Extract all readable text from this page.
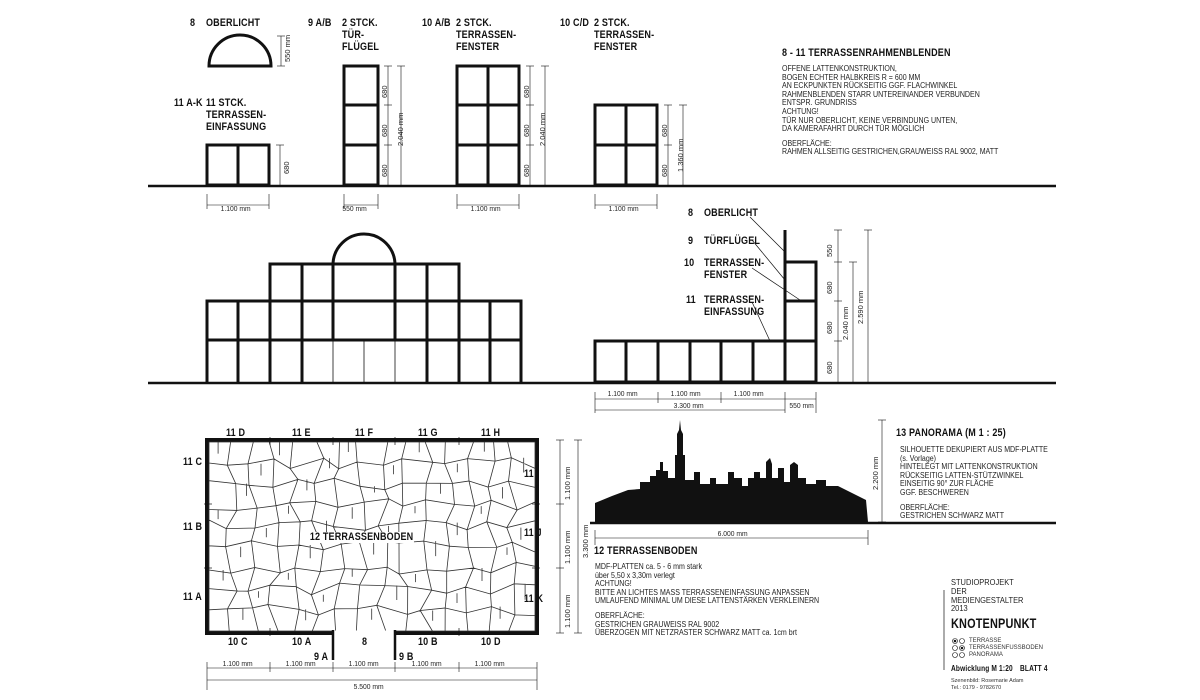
8 OBERLICHT	9 A/B 2 STCK.
TÜR-
FLÜGEL
10 A/B 2 STCK.
TERRASSEN-
FENSTER
10 C/D 2 STCK.
TERRASSEN-
FENSTER
11 A-K 11 STCK.
TERRASSEN-
EINFASSUNG
8 - 11 TERRASSENRAHMENBLENDEN
OFFENE LATTENKONSTRUKTION,
BOGEN ECHTER HALBKREIS R = 600 MM
AN ECKPUNKTEN RÜCKSEITIG GGF. FLACHWINKEL
RAHMENBLENDEN STARR UNTEREINANDER VERBUNDEN
ENTSPR. GRUNDRISS
ACHTUNG!
TÜR NUR OBERLICHT, KEINE VERBINDUNG UNTEN,
DA KAMERAFAHRT DURCH TÜR MÖGLICH
OBERFLÄCHE:
RAHMEN ALLSEITIG GESTRICHEN,GRAUWEISS RAL 9002, MATT
550 mm
680
1.100 mm
680
680
680
2.040 mm
550 mm
680
680
680
2.040 mm
1.100 mm
680
680 1.360 mm
1.100 mm	8 OBERLICHT
9 TÜRFLÜGEL
10 TERRASSEN-
FENSTER
11 TERRASSEN-
EINFASSUNG
550
680
680
680
2.040 mm 2.590 mm
1.100 mm	1.100 mm	1.100 mm
550 mm
3.300 mm
11 D	11 E	11 F	11 G	11 H
11 C
11 B
11 A
11 I
11 J
11 K
10 C	10 A	8	10 B	10 D
9 A	9 B
12 TERRASSENBODEN
1.100 mm	1.100 mm	1.100 mm	1.100 mm	1.100 mm
5.500 mm
1.100 mm
1.100 mm
1.100 mm
3.300 mm
13 PANORAMA (M 1 : 25)
SILHOUETTE DEKUPIERT AUS MDF-PLATTE
(s. Vorlage)
HINTELEGT MIT LATTENKONSTRUKTION
RÜCKSEITIG LATTEN-STÜTZWINKEL
EINSEITIG 90° ZUR FLÄCHE
GGF. BESCHWEREN
OBERFLÄCHE:
GESTRICHEN SCHWARZ MATT
2.200 mm
6.000 mm
12 TERRASSENBODEN
MDF-PLATTEN ca. 5 - 6 mm stark
über 5,50 x 3,30m verlegt
ACHTUNG!
BITTE AN LICHTES MASS TERRASSENEINFASSUNG ANPASSEN
UMLAUFEND MINIMAL UM DIESE LATTENSTÄRKEN VERKLEINERN
OBERFLÄCHE:
GESTRICHEN GRAUWEISS RAL 9002
ÜBERZOGEN MIT NETZRASTER SCHWARZ MATT ca. 1cm brt
STUDIOPROJEKT
DER
MEDIENGESTALTER
2013
KNOTENPUNKT
TERRASSE
TERRASSENFUSSBODEN
PANORAMA
Abwicklung M 1:20 BLATT 4
Szenenbild: Rosemarie Adam
Tel.: 0179 - 9782670
